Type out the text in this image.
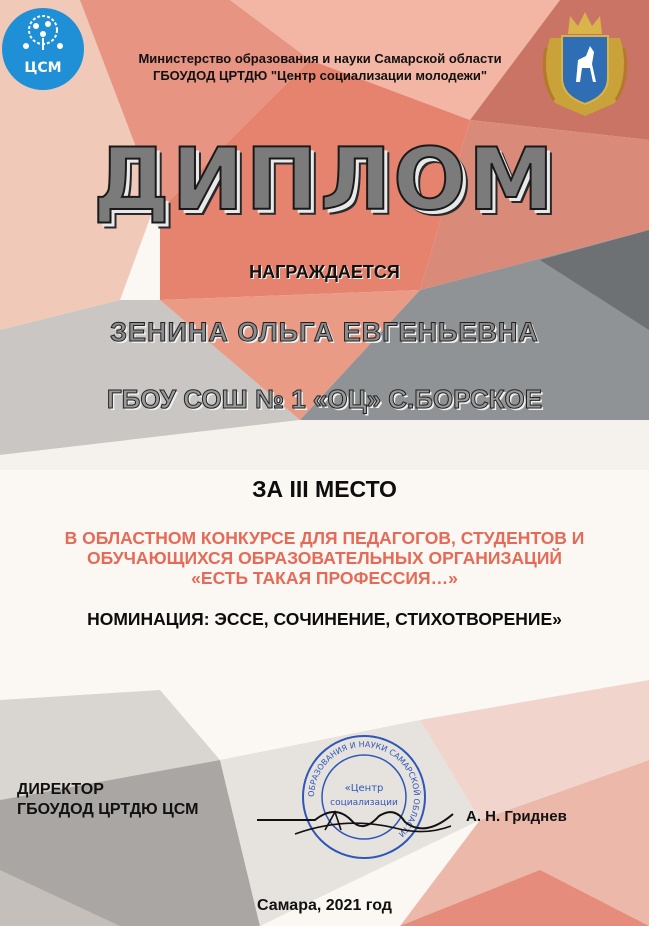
ЦСМ
Министерство образования и науки Самарской области
ГБОУДОД ЦРТДЮ "Центр социализации молодежи"
ДИПЛОМ
НАГРАЖДАЕТСЯ
ЗЕНИНА ОЛЬГА ЕВГЕНЬЕВНА
ГБОУ СОШ № 1 «ОЦ» С.БОРСКОЕ
ЗА III МЕСТО
В ОБЛАСТНОМ КОНКУРСЕ ДЛЯ ПЕДАГОГОВ, СТУДЕНТОВ И
ОБУЧАЮЩИХСЯ ОБРАЗОВАТЕЛЬНЫХ ОРГАНИЗАЦИЙ
«ЕСТЬ ТАКАЯ ПРОФЕССИЯ…»
НОМИНАЦИЯ: ЭССЕ, СОЧИНЕНИЕ, СТИХОТВОРЕНИЕ»
ОБРАЗОВАНИЯ И НАУКИ САМАРСКОЙ ОБЛАСТИ
«Центр
социализации
ДИРЕКТОР
ГБОУДОД ЦРТДЮ ЦСМ	А. Н. Гриднев
Самара, 2021 год
